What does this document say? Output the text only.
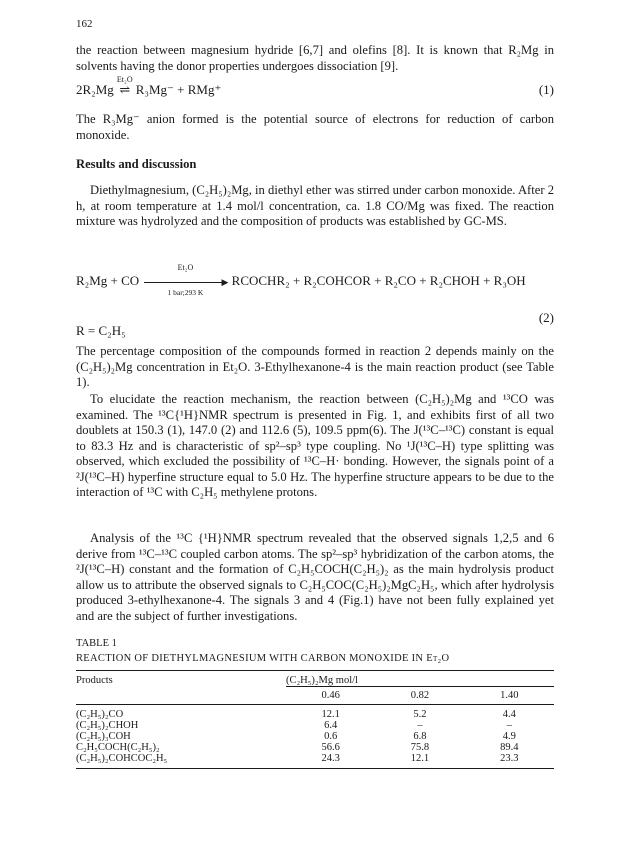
162

the reaction between magnesium hydride [6,7] and olefins [8]. It is known that R₂Mg in solvents having the donor properties undergoes dissociation [9].

2R₂Mg
Et₂O
⇌ R₃Mg⁻ + RMg⁺	(1)

The R₃Mg⁻ anion formed is the potential source of electrons for reduction of carbon monoxide.

Results and discussion

Diethylmagnesium, (C₂H₅)₂Mg, in diethyl ether was stirred under carbon monoxide. After 2 h, at room temperature at 1.4 mol/l concentration, ca. 1.8 CO/Mg was fixed. The reaction mixture was hydrolyzed and the composition of products was established by GC-MS.

R₂Mg + CO
Et₂O
▶
1 bar;293 K
RCOCHR₂ + R₂COHCOR + R₂CO + R₂CHOH + R₃OH
(2)
R = C₂H₅

The percentage composition of the compounds formed in reaction 2 depends mainly on the (C₂H₅)₂Mg concentration in Et₂O. 3-Ethylhexanone-4 is the main reaction product (see Table 1).

To elucidate the reaction mechanism, the reaction between (C₂H₅)₂Mg and ¹³CO was examined. The ¹³C{¹H}NMR spectrum is presented in Fig. 1, and exhibits first of all two doublets at 150.3 (1), 147.0 (2) and 112.6 (5), 109.5 ppm(6). The J(¹³C–¹³C) constant is equal to 83.3 Hz and is characteristic of sp²–sp³ type coupling. No ¹J(¹³C–H) type splitting was observed, which excluded the possibility of ¹³C–H· bonding. However, the signals point of a ²J(¹³C–H) hyperfine structure equal to 5.0 Hz. The hyperfine structure appears to be due to the interaction of ¹³C with C₂H₅ methylene protons.

Analysis of the ¹³C {¹H}NMR spectrum revealed that the observed signals 1,2,5 and 6 derive from ¹³C–¹³C coupled carbon atoms. The sp²–sp³ hybridization of the carbon atoms, the ²J(¹³C–H) constant and the formation of C₂H₅COCH(C₂H₅)₂ as the main hydrolysis product allow us to attribute the observed signals to C₂H₅COC(C₂H₅)₂MgC₂H₅, which after hydrolysis produced 3-ethylhexanone-4. The signals 3 and 4 (Fig.1) have not been fully explained yet and are the subject of further investigations.

TABLE 1
REACTION OF DIETHYLMAGNESIUM WITH CARBON MONOXIDE IN Et₂O
Products	(C₂H₅)₂Mg mol/l		
	0.46	0.82	1.40
(C₂H₅)₂CO	12.1	5.2	4.4
(C₂H₅)₂CHOH	6.4	–	–
(C₂H₅)₃COH	0.6	6.8	4.9
C₂H₅COCH(C₂H₅)₂	56.6	75.8	89.4
(C₂H₅)₂COHCOC₂H₅	24.3	12.1	23.3
